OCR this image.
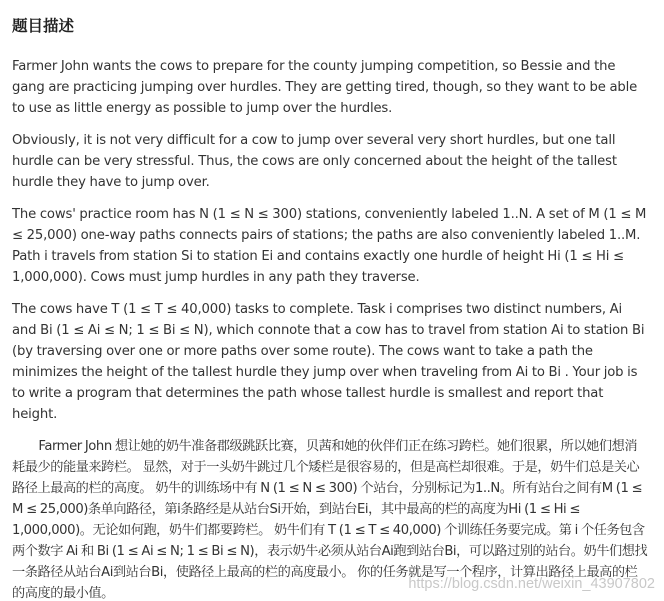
题目描述

Farmer John wants the cows to prepare for the county jumping competition, so Bessie and the gang are practicing jumping over hurdles. They are getting tired, though, so they want to be able to use as little energy as possible to jump over the hurdles.

Obviously, it is not very difficult for a cow to jump over several very short hurdles, but one tall hurdle can be very stressful. Thus, the cows are only concerned about the height of the tallest hurdle they have to jump over.

The cows' practice room has N (1 ≤ N ≤ 300) stations, conveniently labeled 1..N. A set of M (1 ≤ M ≤ 25,000) one-way paths connects pairs of stations; the paths are also conveniently labeled 1..M. Path i travels from station Si to station Ei and contains exactly one hurdle of height Hi (1 ≤ Hi ≤ 1,000,000). Cows must jump hurdles in any path they traverse.

The cows have T (1 ≤ T ≤ 40,000) tasks to complete. Task i comprises two distinct numbers, Ai and Bi (1 ≤ Ai ≤ N; 1 ≤ Bi ≤ N), which connote that a cow has to travel from station Ai to station Bi (by traversing over one or more paths over some route). The cows want to take a path the minimizes the height of the tallest hurdle they jump over when traveling from Ai to Bi . Your job is to write a program that determines the path whose tallest hurdle is smallest and report that height.

Farmer John 想让她的奶牛准备郡级跳跃比赛，贝茜和她的伙伴们正在练习跨栏。她们很累，所以她们想消耗最少的能量来跨栏。 显然，对于一头奶牛跳过几个矮栏是很容易的，但是高栏却很难。于是，奶牛们总是关心路径上最高的栏的高度。 奶牛的训练场中有 N (1 ≤ N ≤ 300) 个站台，分别标记为1..N。所有站台之间有M (1 ≤ M ≤ 25,000)条单向路径，第i条路经是从站台Si开始，到站台Ei，其中最高的栏的高度为Hi (1 ≤ Hi ≤ 1,000,000)。无论如何跑，奶牛们都要跨栏。 奶牛们有 T (1 ≤ T ≤ 40,000) 个训练任务要完成。第 i 个任务包含两个数字 Ai 和 Bi (1 ≤ Ai ≤ N; 1 ≤ Bi ≤ N)，表示奶牛必须从站台Ai跑到站台Bi，可以路过别的站台。奶牛们想找一条路径从站台Ai到站台Bi，使路径上最高的栏的高度最小。 你的任务就是写一个程序，计算出路径上最高的栏的高度的最小值。

https://blog.csdn.net/weixin_43907802
